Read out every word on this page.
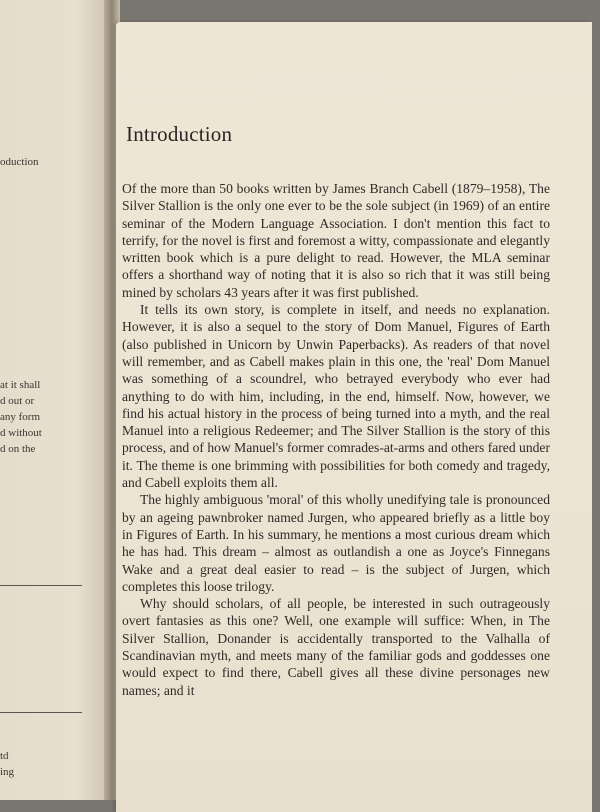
oduction
at it shall
d out or
any form
d without
d on the
td
ing
Introduction

Of the more than 50 books written by James Branch Cabell (1879–1958), The Silver Stallion is the only one ever to be the sole subject (in 1969) of an entire seminar of the Modern Language Association. I don't mention this fact to terrify, for the novel is first and foremost a witty, compassionate and elegantly written book which is a pure delight to read. However, the MLA seminar offers a shorthand way of noting that it is also so rich that it was still being mined by scholars 43 years after it was first published.

It tells its own story, is complete in itself, and needs no explanation. However, it is also a sequel to the story of Dom Manuel, Figures of Earth (also published in Unicorn by Unwin Paperbacks). As readers of that novel will remember, and as Cabell makes plain in this one, the 'real' Dom Manuel was something of a scoundrel, who betrayed everybody who ever had anything to do with him, including, in the end, himself. Now, however, we find his actual history in the process of being turned into a myth, and the real Manuel into a religious Redeemer; and The Silver Stallion is the story of this process, and of how Manuel's former comrades-at-arms and others fared under it. The theme is one brimming with possibilities for both comedy and tragedy, and Cabell exploits them all.

The highly ambiguous 'moral' of this wholly unedifying tale is pronounced by an ageing pawnbroker named Jurgen, who appeared briefly as a little boy in Figures of Earth. In his summary, he mentions a most curious dream which he has had. This dream – almost as outlandish a one as Joyce's Finnegans Wake and a great deal easier to read – is the subject of Jurgen, which completes this loose trilogy.

Why should scholars, of all people, be interested in such outrageously overt fantasies as this one? Well, one example will suffice: When, in The Silver Stallion, Donander is accidentally transported to the Valhalla of Scandinavian myth, and meets many of the familiar gods and goddesses one would expect to find there, Cabell gives all these divine personages new names; and it
